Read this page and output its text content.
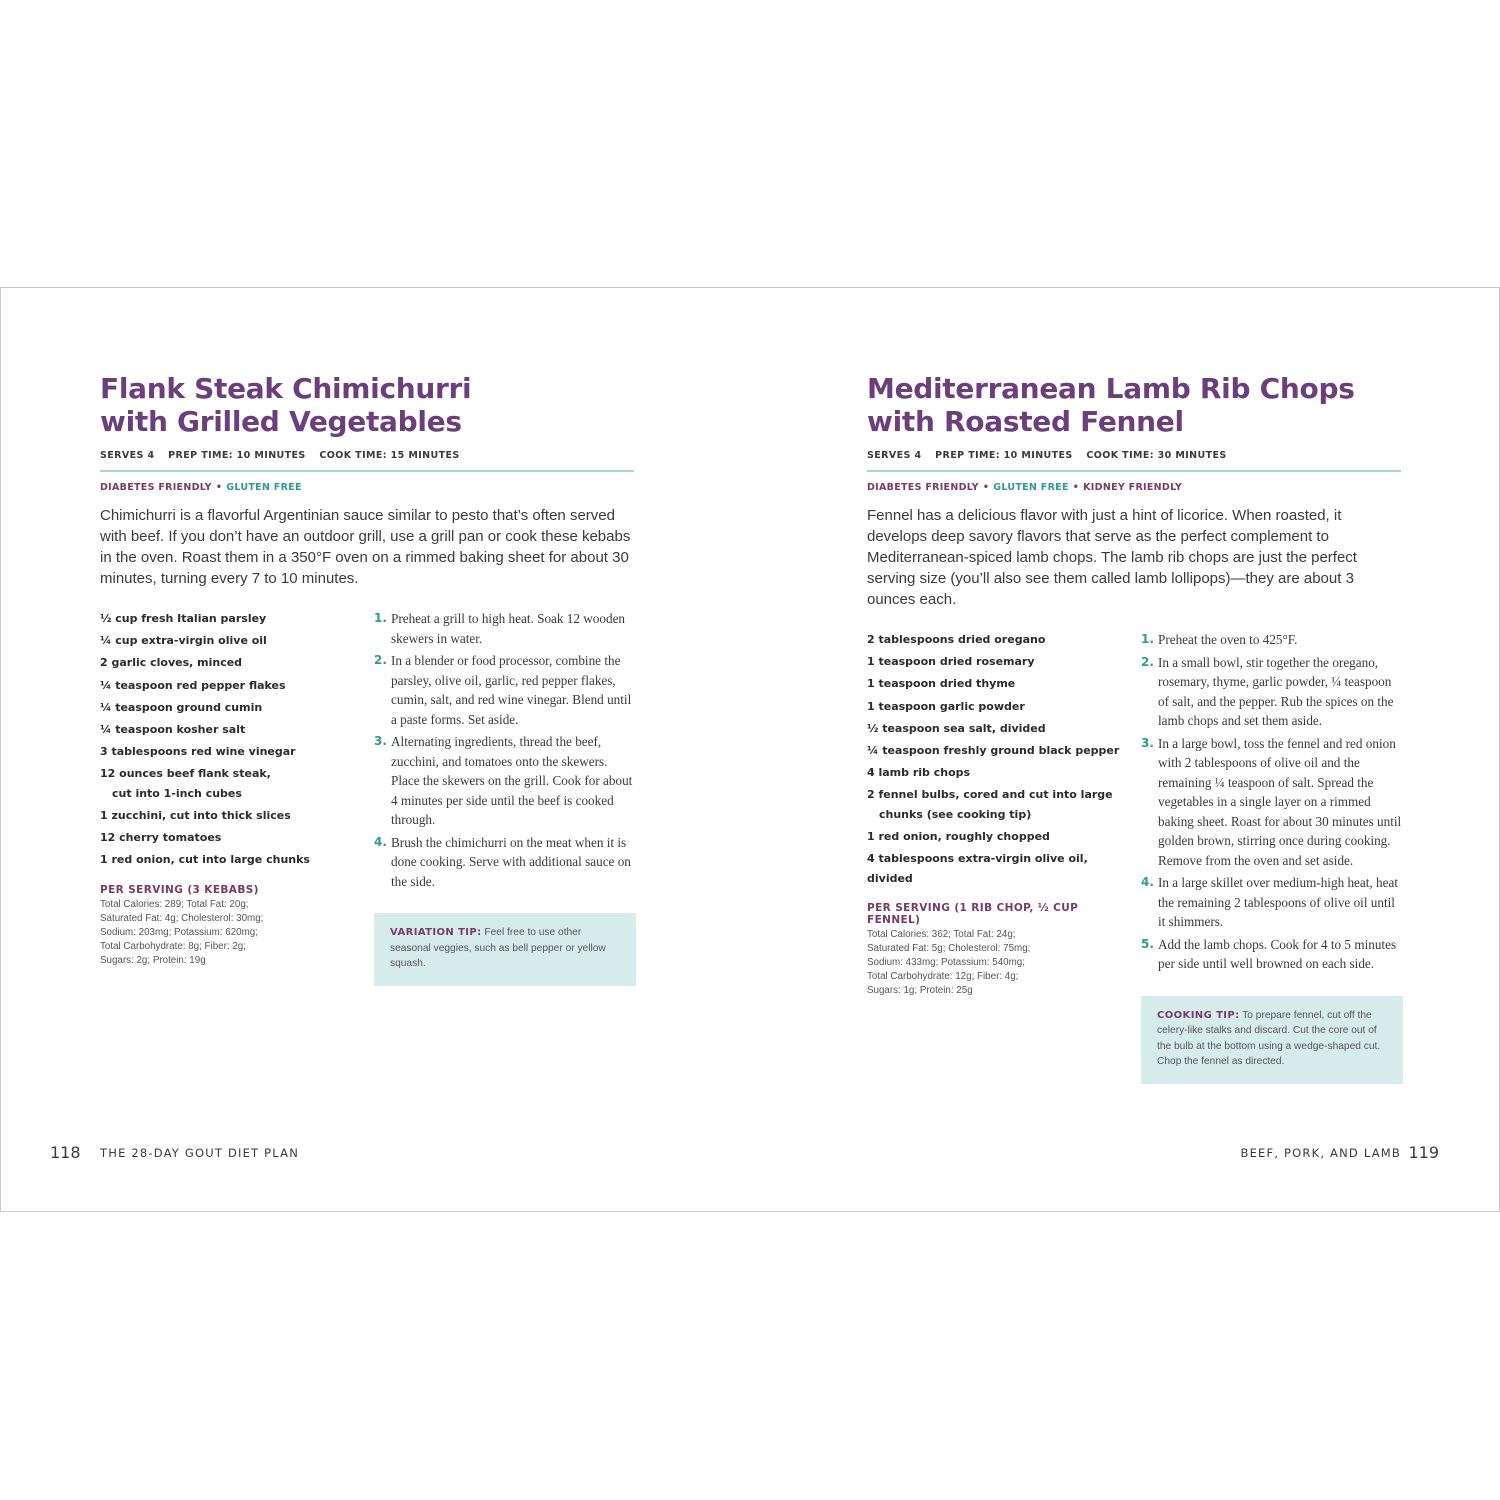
Flank Steak Chimichurri
with Grilled Vegetables
SERVES 4 PREP TIME: 10 MINUTES COOK TIME: 15 MINUTES
DIABETES FRIENDLY • GLUTEN FREE

Chimichurri is a flavorful Argentinian sauce similar to pesto that’s often served with beef. If you don’t have an outdoor grill, use a grill pan or cook these kebabs in the oven. Roast them in a 350°F oven on a rimmed baking sheet for about 30 minutes, turning every 7 to 10 minutes.

½ cup fresh Italian parsley
¼ cup extra-virgin olive oil
2 garlic cloves, minced
¼ teaspoon red pepper flakes
¼ teaspoon ground cumin
¼ teaspoon kosher salt
3 tablespoons red wine vinegar
12 ounces beef flank steak,
cut into 1-inch cubes
1 zucchini, cut into thick slices
12 cherry tomatoes
1 red onion, cut into large chunks
PER SERVING (3 KEBABS)
Total Calories: 289; Total Fat: 20g;
Saturated Fat: 4g; Cholesterol: 30mg;
Sodium: 203mg; Potassium: 620mg;
Total Carbohydrate: 8g; Fiber: 2g;
Sugars: 2g; Protein: 19g
1. Preheat a grill to high heat. Soak 12 wooden skewers in water.
2. In a blender or food processor, combine the parsley, olive oil, garlic, red pepper flakes, cumin, salt, and red wine vinegar. Blend until a paste forms. Set aside.
3. Alternating ingredients, thread the beef, zucchini, and tomatoes onto the skewers. Place the skewers on the grill. Cook for about 4 minutes per side until the beef is cooked through.
4. Brush the chimichurri on the meat when it is done cooking. Serve with additional sauce on the side.
VARIATION TIP: Feel free to use other seasonal veggies, such as bell pepper or yellow squash.
118 THE 28-DAY GOUT DIET PLAN
Mediterranean Lamb Rib Chops
with Roasted Fennel
SERVES 4 PREP TIME: 10 MINUTES COOK TIME: 30 MINUTES
DIABETES FRIENDLY • GLUTEN FREE • KIDNEY FRIENDLY

Fennel has a delicious flavor with just a hint of licorice. When roasted, it develops deep savory flavors that serve as the perfect complement to Mediterranean-spiced lamb chops. The lamb rib chops are just the perfect serving size (you’ll also see them called lamb lollipops)—they are about 3 ounces each.

2 tablespoons dried oregano
1 teaspoon dried rosemary
1 teaspoon dried thyme
1 teaspoon garlic powder
½ teaspoon sea salt, divided
¼ teaspoon freshly ground black pepper
4 lamb rib chops
2 fennel bulbs, cored and cut into large
chunks (see cooking tip)
1 red onion, roughly chopped
4 tablespoons extra-virgin olive oil, divided
PER SERVING (1 RIB CHOP, ½ CUP FENNEL)
Total Calories: 362; Total Fat: 24g;
Saturated Fat: 5g; Cholesterol: 75mg;
Sodium: 433mg; Potassium: 540mg;
Total Carbohydrate: 12g; Fiber: 4g;
Sugars: 1g; Protein: 25g
1. Preheat the oven to 425°F.
2. In a small bowl, stir together the oregano, rosemary, thyme, garlic powder, ¼ teaspoon of salt, and the pepper. Rub the spices on the lamb chops and set them aside.
3. In a large bowl, toss the fennel and red onion with 2 tablespoons of olive oil and the remaining ¼ teaspoon of salt. Spread the vegetables in a single layer on a rimmed baking sheet. Roast for about 30 minutes until golden brown, stirring once during cooking. Remove from the oven and set aside.
4. In a large skillet over medium-high heat, heat the remaining 2 tablespoons of olive oil until it shimmers.
5. Add the lamb chops. Cook for 4 to 5 minutes per side until well browned on each side.
COOKING TIP: To prepare fennel, cut off the celery-like stalks and discard. Cut the core out of the bulb at the bottom using a wedge-shaped cut. Chop the fennel as directed.
BEEF, PORK, AND LAMB 119
